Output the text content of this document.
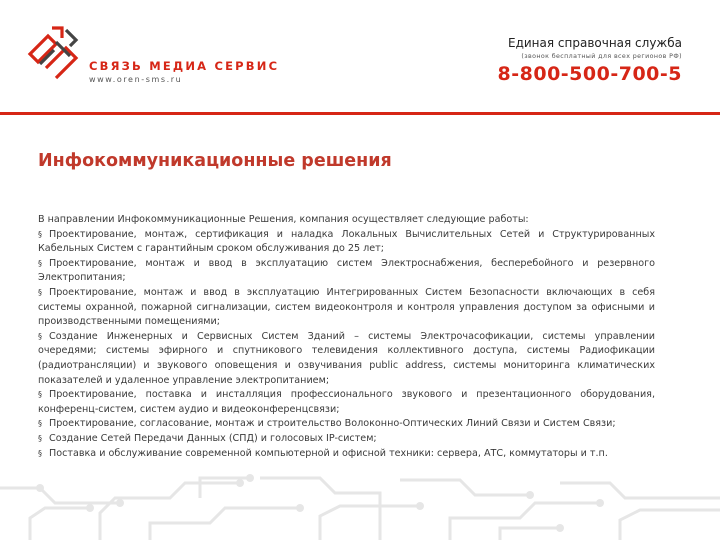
СВЯЗЬ МЕДИА СЕРВИС
www.oren-sms.ru
Единая справочная служба
(звонок бесплатный для всех регионов РФ)
8-800-500-700-5
Инфокоммуникационные решения

В направлении Инфокоммуникационные Решения, компания осуществляет следующие работы:

§ Проектирование, монтаж, сертификация и наладка Локальных Вычислительных Сетей и Структурированных Кабельных Систем с гарантийным сроком обслуживания до 25 лет;

§ Проектирование, монтаж и ввод в эксплуатацию систем Электроснабжения, бесперебойного и резервного Электропитания;

§ Проектирование, монтаж и ввод в эксплуатацию Интегрированных Систем Безопасности включающих в себя системы охранной, пожарной сигнализации, систем видеоконтроля и контроля управления доступом за офисными и производственными помещениями;

§ Создание Инженерных и Сервисных Систем Зданий – системы Электрочасофикации, системы управлении очередями; системы эфирного и спутникового телевидения коллективного доступа, системы Радиофикации (радиотрансляции) и звукового оповещения и озвучивания public address, системы мониторинга климатических показателей и удаленное управление электропитанием;

§ Проектирование, поставка и инсталляция профессионального звукового и презентационного оборудования, конференц-систем, систем аудио и видеоконференцсвязи;

§ Проектирование, согласование, монтаж и строительство Волоконно-Оптических Линий Связи и Систем Связи;

§ Создание Сетей Передачи Данных (СПД) и голосовых IP-систем;

§ Поставка и обслуживание современной компьютерной и офисной техники: сервера, АТС, коммутаторы и т.п.
